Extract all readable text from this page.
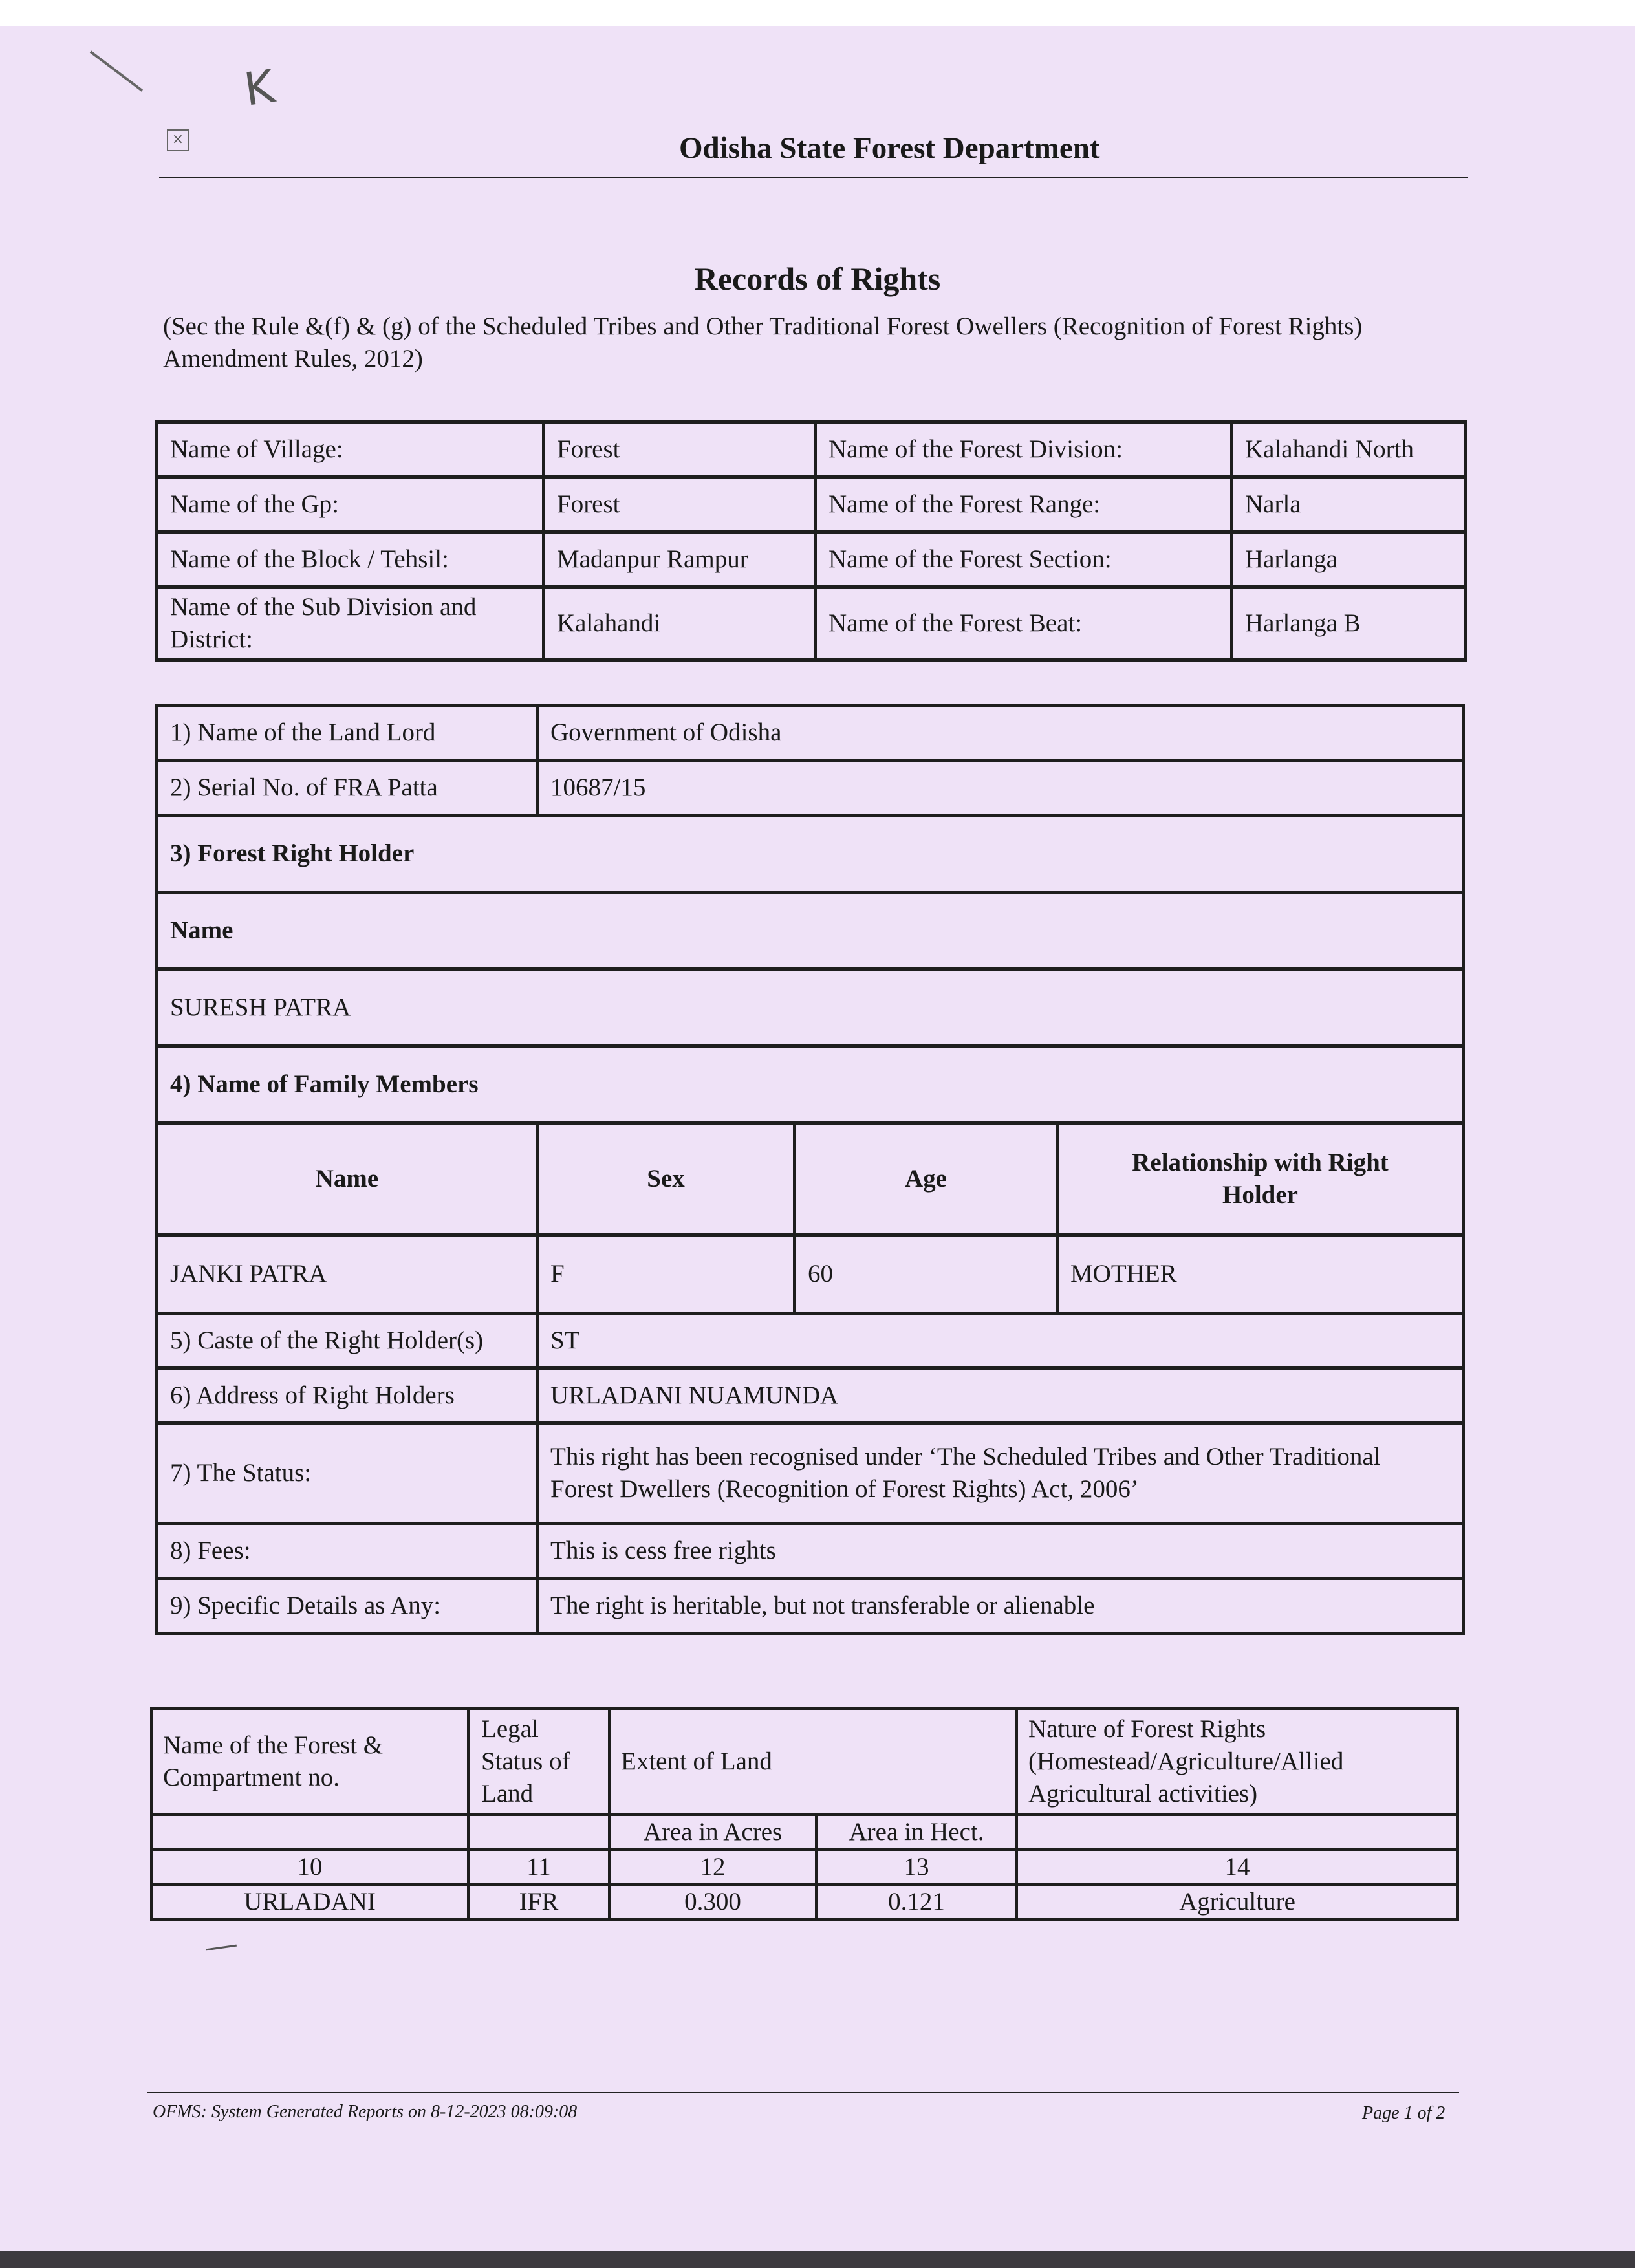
K
×	Odisha State Forest Department
Records of Rights
(Sec the Rule &(f) & (g) of the Scheduled Tribes and Other Traditional Forest Owellers (Recognition of Forest Rights) Amendment Rules, 2012)
Name of Village:	Forest	Name of the Forest Division:	Kalahandi North
Name of the Gp:	Forest	Name of the Forest Range:	Narla
Name of the Block / Tehsil:	Madanpur Rampur	Name of the Forest Section:	Harlanga
Name of the Sub Division and District:	Kalahandi	Name of the Forest Beat:	Harlanga B
1) Name of the Land Lord	Government of Odisha		
2) Serial No. of FRA Patta	10687/15		
3) Forest Right Holder			
Name			
SURESH PATRA			
4) Name of Family Members			
Name	Sex	Age	Relationship with Right Holder
JANKI PATRA	F	60	MOTHER
5) Caste of the Right Holder(s)	ST		
6) Address of Right Holders	URLADANI NUAMUNDA		
7) The Status:	This right has been recognised under ‘The Scheduled Tribes and Other Traditional
Forest Dwellers (Recognition of Forest Rights) Act, 2006’		

8) Fees:	This is cess free rights		
9) Specific Details as Any:	The right is heritable, but not transferable or alienable		
Name of the Forest & Compartment no.	Legal Status of Land	Extent of Land		Nature of Forest Rights (Homestead/Agriculture/Allied Agricultural activities)
		Area in Acres	Area in Hect.	
10	11	12	13	14
URLADANI	IFR	0.300	0.121	Agriculture
OFMS: System Generated Reports on 8-12-2023 08:09:08	Page 1 of 2
